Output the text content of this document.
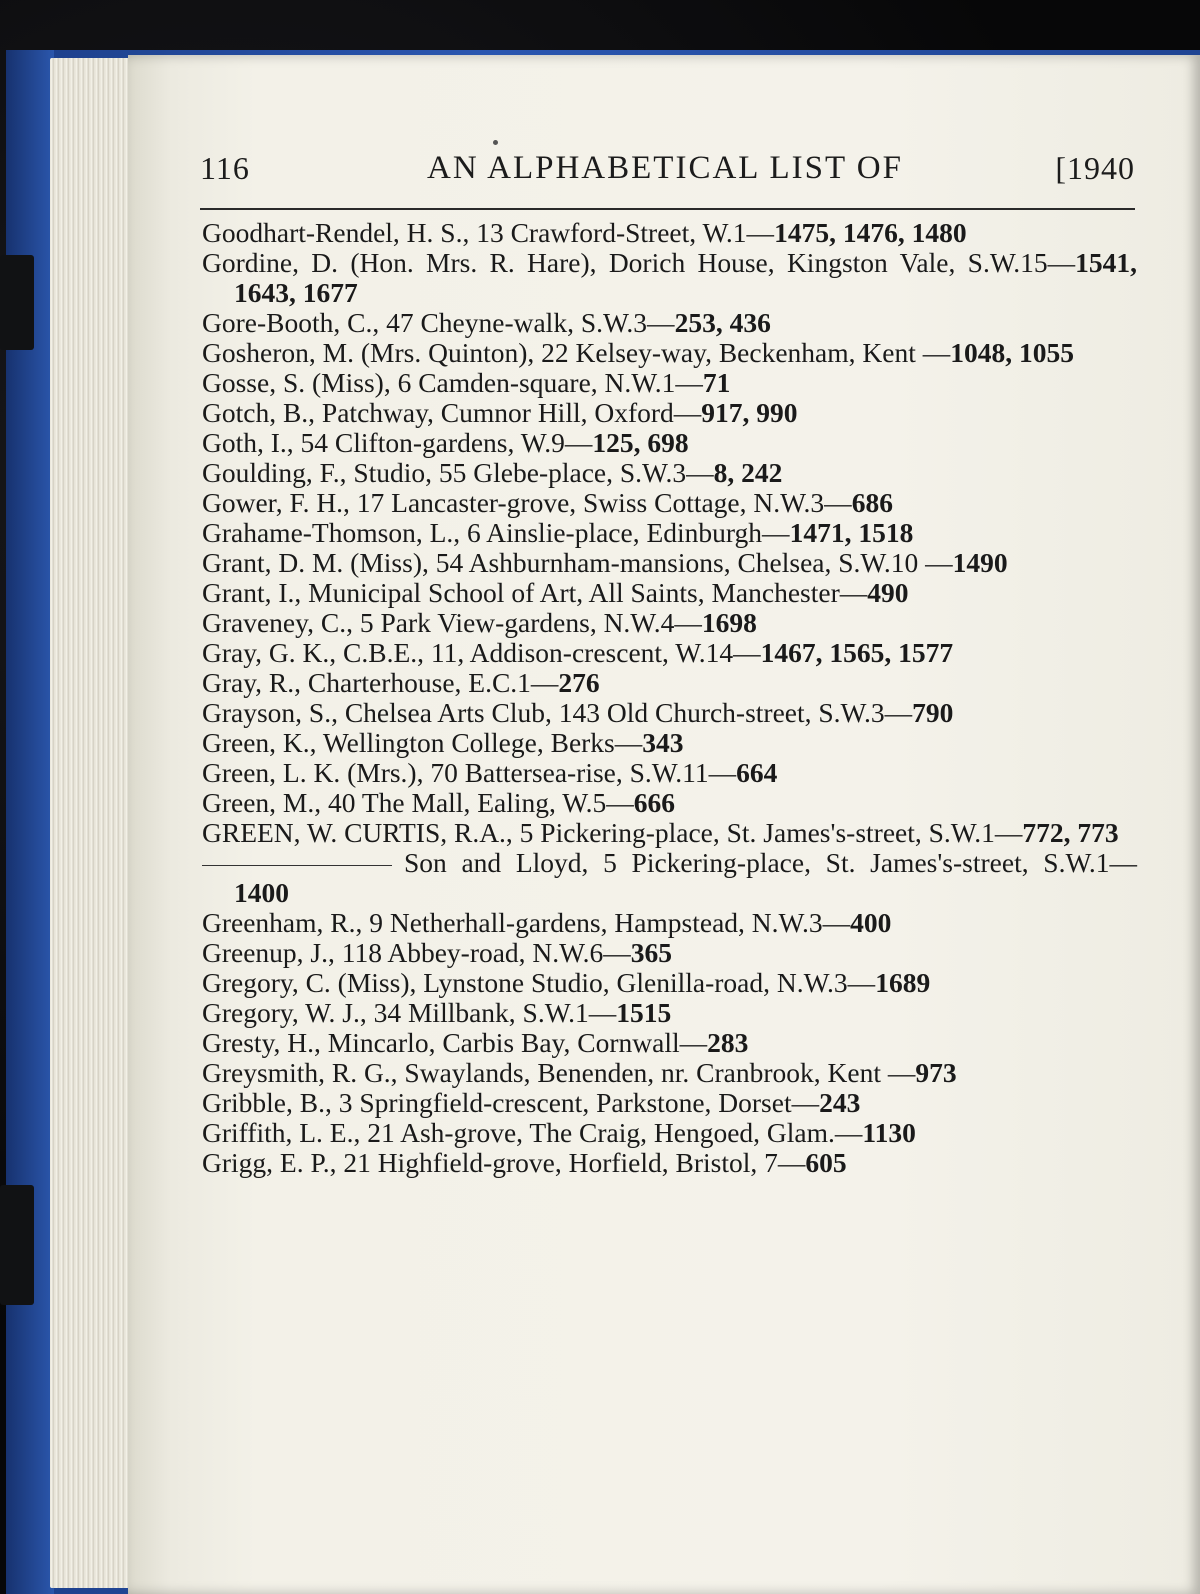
116	AN ALPHABETICAL LIST OF	[1940

Goodhart-Rendel, H. S., 13 Crawford-Street, W.1—1475, 1476, 1480

Gordine, D. (Hon. Mrs. R. Hare), Dorich House, Kingston Vale, S.W.15—1541, 1643, 1677

Gore-Booth, C., 47 Cheyne-walk, S.W.3—253, 436

Gosheron, M. (Mrs. Quinton), 22 Kelsey-way, Beckenham, Kent —1048, 1055

Gosse, S. (Miss), 6 Camden-square, N.W.1—71

Gotch, B., Patchway, Cumnor Hill, Oxford—917, 990

Goth, I., 54 Clifton-gardens, W.9—125, 698

Goulding, F., Studio, 55 Glebe-place, S.W.3—8, 242

Gower, F. H., 17 Lancaster-grove, Swiss Cottage, N.W.3—686

Grahame-Thomson, L., 6 Ainslie-place, Edinburgh—1471, 1518

Grant, D. M. (Miss), 54 Ashburnham-mansions, Chelsea, S.W.10 —1490

Grant, I., Municipal School of Art, All Saints, Manchester—490

Graveney, C., 5 Park View-gardens, N.W.4—1698

Gray, G. K., C.B.E., 11, Addison-crescent, W.14—1467, 1565, 1577

Gray, R., Charterhouse, E.C.1—276

Grayson, S., Chelsea Arts Club, 143 Old Church-street, S.W.3—790

Green, K., Wellington College, Berks—343

Green, L. K. (Mrs.), 70 Battersea-rise, S.W.11—664

Green, M., 40 The Mall, Ealing, W.5—666

GREEN, W. CURTIS, R.A., 5 Pickering-place, St. James's-street, S.W.1—772, 773

Son and Lloyd, 5 Pickering-place, St. James's-street, S.W.1—1400

Greenham, R., 9 Netherhall-gardens, Hampstead, N.W.3—400

Greenup, J., 118 Abbey-road, N.W.6—365

Gregory, C. (Miss), Lynstone Studio, Glenilla-road, N.W.3—1689

Gregory, W. J., 34 Millbank, S.W.1—1515

Gresty, H., Mincarlo, Carbis Bay, Cornwall—283

Greysmith, R. G., Swaylands, Benenden, nr. Cranbrook, Kent —973

Gribble, B., 3 Springfield-crescent, Parkstone, Dorset—243

Griffith, L. E., 21 Ash-grove, The Craig, Hengoed, Glam.—1130

Grigg, E. P., 21 Highfield-grove, Horfield, Bristol, 7—605
